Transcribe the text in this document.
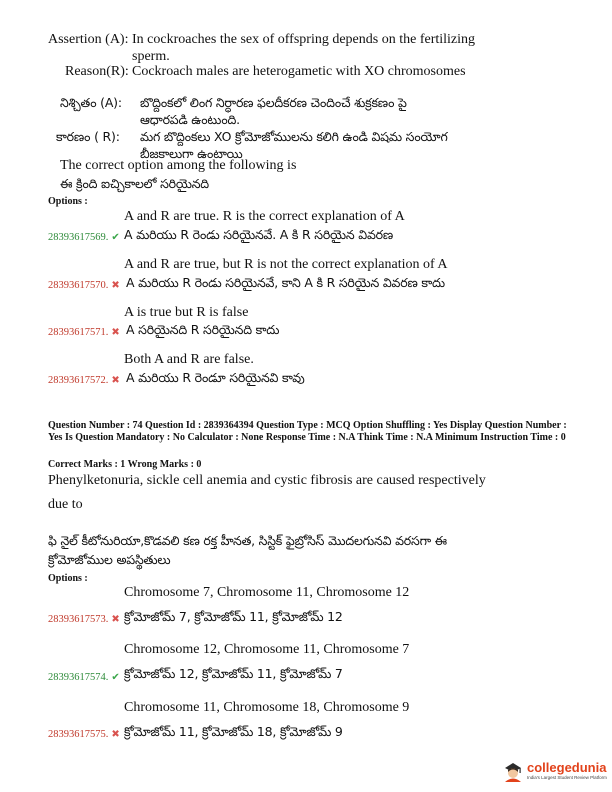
Assertion (A): In cockroaches the sex of offspring depends on the fertilizing
sperm.
Reason(R): Cockroach males are heterogametic with XO chromosomes
నిశ్చితం (A): బొద్దింకలో లింగ నిర్ధారణ ఫలదీకరణ చెందించే శుక్రకణం పై
ఆధారపడి ఉంటుంది.
కారణం ( R): మగ బొద్దింకలు XO క్రోమోజోములను కలిగి ఉండి విషమ సంయోగ
బీజకాలుగా ఉంటాయి
The correct option among the following is
ఈ క్రింది ఐచ్చికాలలో సరియైనది
Options :
A and R are true. R is the correct explanation of A
28393617569. ✔ A మరియు R రెండు సరియైనవే. A కి R సరియైన వివరణ
A and R are true, but R is not the correct explanation of A
28393617570. ✖ A మరియు R రెండు సరియైనవే, కాని A కి R సరియైన వివరణ కాదు
A is true but R is false
28393617571. ✖ A సరియైనది R సరియైనది కాదు
Both A and R are false.
28393617572. ✖ A మరియు R రెండూ సరియైనవి కావు
Question Number : 74 Question Id : 2839364394 Question Type : MCQ Option Shuffling : Yes Display Question Number : Yes Is Question Mandatory : No Calculator : None Response Time : N.A Think Time : N.A Minimum Instruction Time : 0
Correct Marks : 1 Wrong Marks : 0
Phenylketonuria, sickle cell anemia and cystic fibrosis are caused respectively
due to
ఫి నైల్ కీటోనురియా,కొడవలి కణ రక్త హీనత, సిస్టిక్ ఫైబ్రోసిస్ మొదలగునవి వరసగా ఈ
క్రోమోజోముల అపస్థితులు
Options :
Chromosome 7, Chromosome 11, Chromosome 12
28393617573. ✖ క్రోమోజోమ్ 7, క్రోమోజోమ్ 11, క్రోమోజోమ్ 12
Chromosome 12, Chromosome 11, Chromosome 7
28393617574. ✔ క్రోమోజోమ్ 12, క్రోమోజోమ్ 11, క్రోమోజోమ్ 7
Chromosome 11, Chromosome 18, Chromosome 9
28393617575. ✖ క్రోమోజోమ్ 11, క్రోమోజోమ్ 18, క్రోమోజోమ్ 9
collegedunia
India's Largest Student Review Platform
